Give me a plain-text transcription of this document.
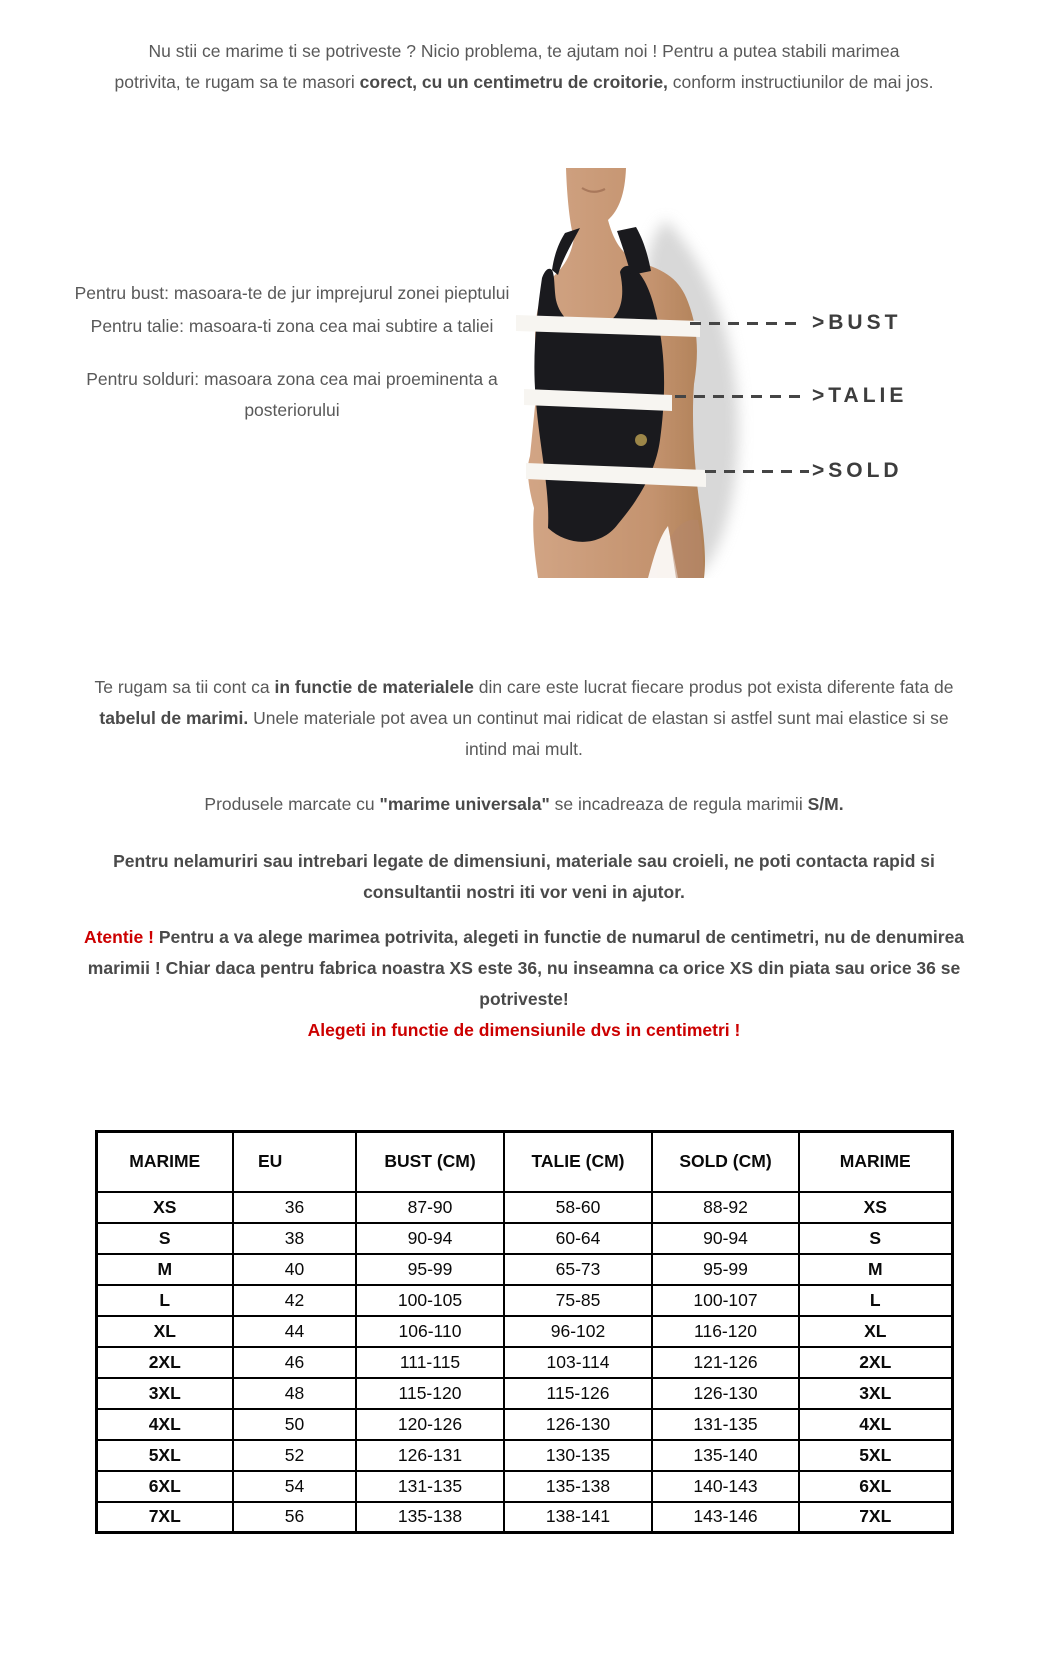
Nu stii ce marime ti se potriveste ? Nicio problema, te ajutam noi ! Pentru a putea stabili marimea potrivita, te rugam sa te masori corect, cu un centimetru de croitorie, conform instructiunilor de mai jos.

Pentru bust: masoara-te de jur imprejurul zonei pieptului

Pentru talie: masoara-ti zona cea mai subtire a taliei

Pentru solduri: masoara zona cea mai proeminenta a posteriorului

>BUST
>TALIE
>SOLD

Te rugam sa tii cont ca in functie de materialele din care este lucrat fiecare produs pot exista diferente fata de tabelul de marimi. Unele materiale pot avea un continut mai ridicat de elastan si astfel sunt mai elastice si se intind mai mult.

Produsele marcate cu "marime universala" se incadreaza de regula marimii S/M.

Pentru nelamuriri sau intrebari legate de dimensiuni, materiale sau croieli, ne poti contacta rapid si consultantii nostri iti vor veni in ajutor.

Atentie ! Pentru a va alege marimea potrivita, alegeti in functie de numarul de centimetri, nu de denumirea marimii ! Chiar daca pentru fabrica noastra XS este 36, nu inseamna ca orice XS din piata sau orice 36 se potriveste!

Alegeti in functie de dimensiunile dvs in centimetri !

MARIME	EU	BUST (CM)	TALIE (CM)	SOLD (CM)	MARIME
XS	36	87-90	58-60	88-92	XS
S	38	90-94	60-64	90-94	S
M	40	95-99	65-73	95-99	M
L	42	100-105	75-85	100-107	L
XL	44	106-110	96-102	116-120	XL
2XL	46	111-115	103-114	121-126	2XL
3XL	48	115-120	115-126	126-130	3XL
4XL	50	120-126	126-130	131-135	4XL
5XL	52	126-131	130-135	135-140	5XL
6XL	54	131-135	135-138	140-143	6XL
7XL	56	135-138	138-141	143-146	7XL
